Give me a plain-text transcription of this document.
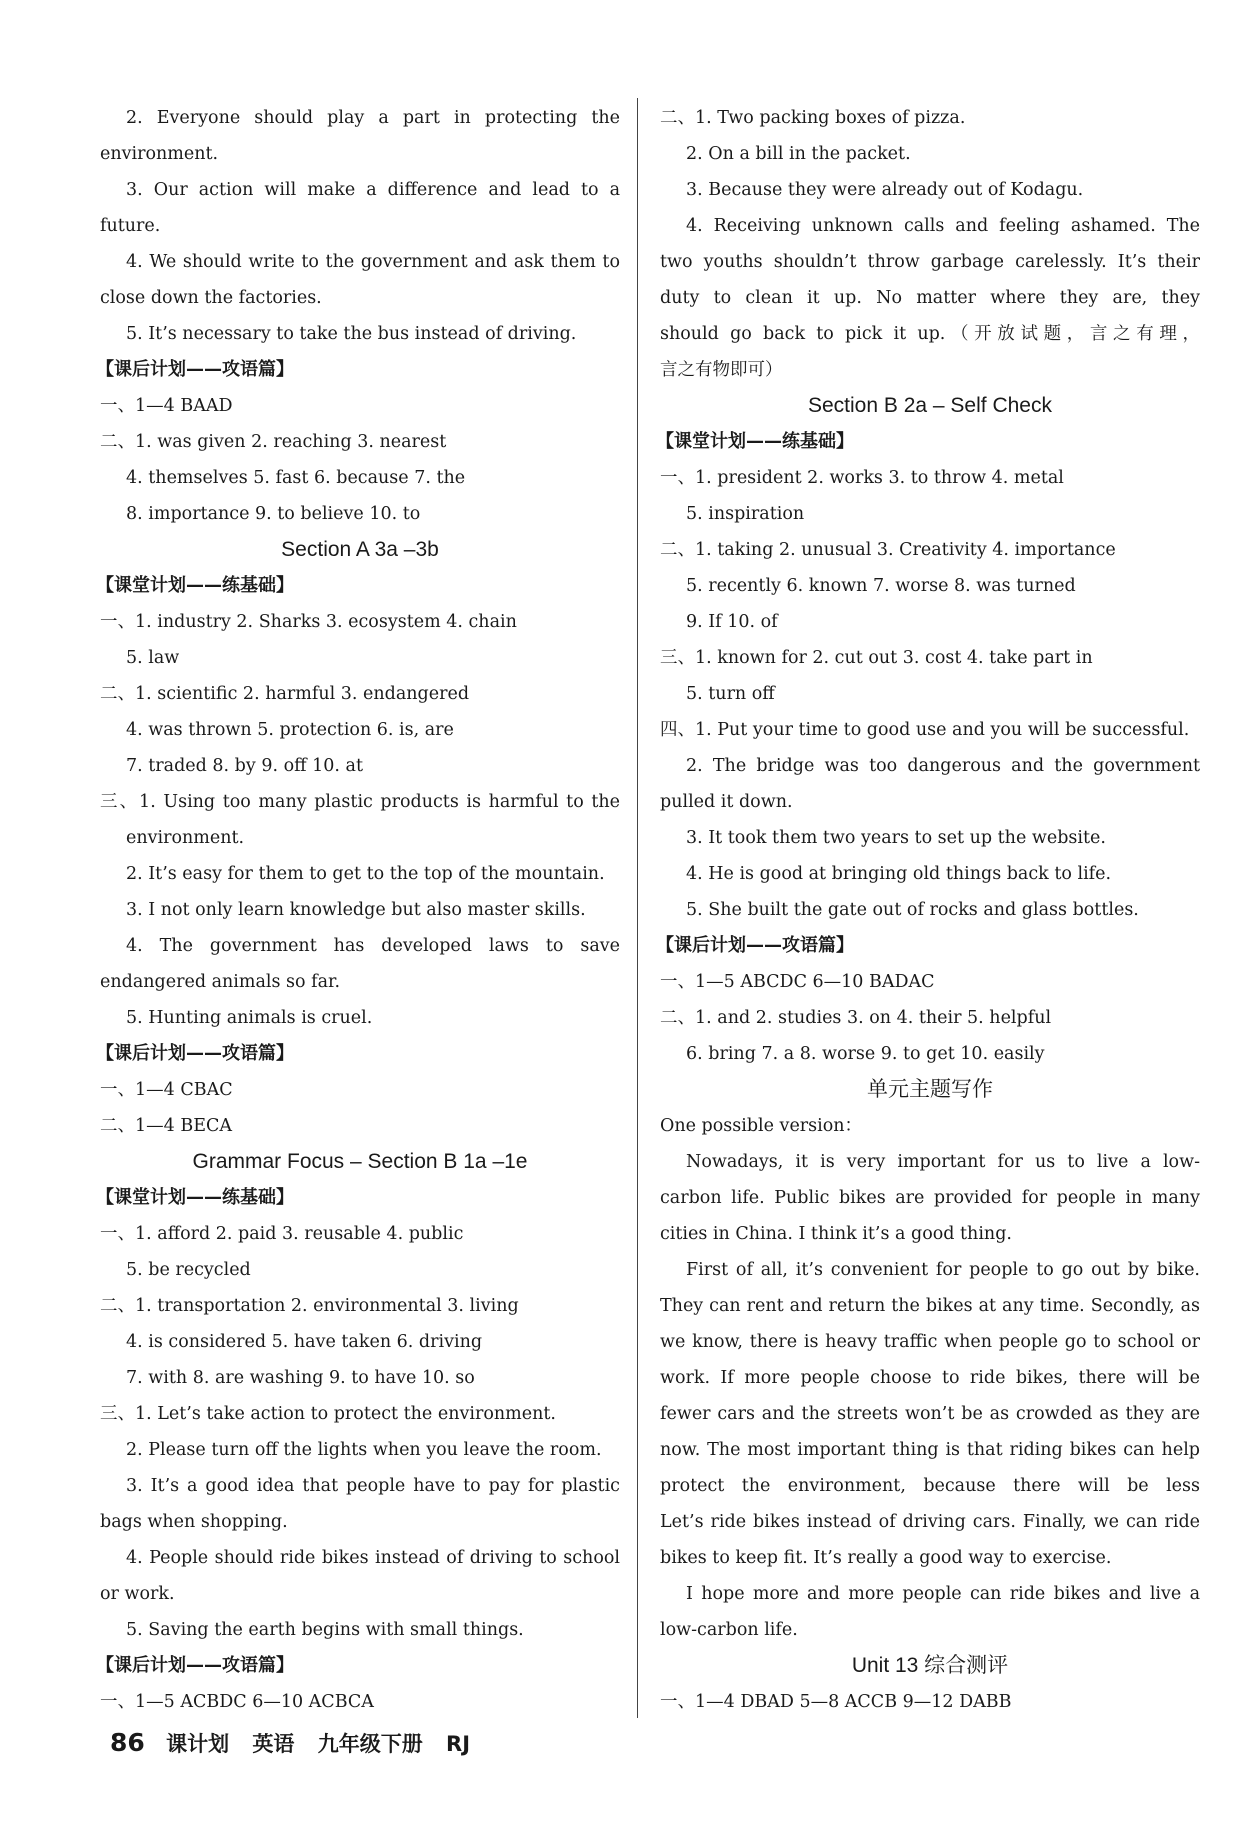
2. Everyone should play a part in protecting the
environment.
3. Our action will make a difference and lead to a
future.
4. We should write to the government and ask them to
close down the factories.
5. It’s necessary to take the bus instead of driving.
【课后计划——攻语篇】
一、1—4 BAAD
二、1. was given 2. reaching 3. nearest
4. themselves 5. fast 6. because 7. the
8. importance 9. to believe 10. to
Section A 3a –3b
【课堂计划——练基础】
一、1. industry 2. Sharks 3. ecosystem 4. chain
5. law
二、1. scientific 2. harmful 3. endangered
4. was thrown 5. protection 6. is, are
7. traded 8. by 9. off 10. at
三、1. Using too many plastic products is harmful to the
environment.
2. It’s easy for them to get to the top of the mountain.
3. I not only learn knowledge but also master skills.
4. The government has developed laws to save
endangered animals so far.
5. Hunting animals is cruel.
【课后计划——攻语篇】
一、1—4 CBAC
二、1—4 BECA
Grammar Focus – Section B 1a –1e
【课堂计划——练基础】
一、1. afford 2. paid 3. reusable 4. public
5. be recycled
二、1. transportation 2. environmental 3. living
4. is considered 5. have taken 6. driving
7. with 8. are washing 9. to have 10. so
三、1. Let’s take action to protect the environment.
2. Please turn off the lights when you leave the room.
3. It’s a good idea that people have to pay for plastic
bags when shopping.
4. People should ride bikes instead of driving to school
or work.
5. Saving the earth begins with small things.
【课后计划——攻语篇】
一、1—5 ACBDC 6—10 ACBCA
二、1. Two packing boxes of pizza.
2. On a bill in the packet.
3. Because they were already out of Kodagu.
4. Receiving unknown calls and feeling ashamed. The
two youths shouldn’t throw garbage carelessly. It’s their
duty to clean it up. No matter where they are, they
should go back to pick it up.（开放试题，言之有理，
言之有物即可）
Section B 2a – Self Check
【课堂计划——练基础】
一、1. president 2. works 3. to throw 4. metal
5. inspiration
二、1. taking 2. unusual 3. Creativity 4. importance
5. recently 6. known 7. worse 8. was turned
9. If 10. of
三、1. known for 2. cut out 3. cost 4. take part in
5. turn off
四、1. Put your time to good use and you will be successful.
2. The bridge was too dangerous and the government
pulled it down.
3. It took them two years to set up the website.
4. He is good at bringing old things back to life.
5. She built the gate out of rocks and glass bottles.
【课后计划——攻语篇】
一、1—5 ABCDC 6—10 BADAC
二、1. and 2. studies 3. on 4. their 5. helpful
6. bring 7. a 8. worse 9. to get 10. easily
单元主题写作
One possible version：
Nowadays, it is very important for us to live a low-
carbon life. Public bikes are provided for people in many
cities in China. I think it’s a good thing.
First of all, it’s convenient for people to go out by bike.
They can rent and return the bikes at any time. Secondly, as
we know, there is heavy traffic when people go to school or
work. If more people choose to ride bikes, there will be
fewer cars and the streets won’t be as crowded as they are
now. The most important thing is that riding bikes can help
protect the environment, because there will be less
Let’s ride bikes instead of driving cars. Finally, we can ride
bikes to keep fit. It’s really a good way to exercise.
I hope more and more people can ride bikes and live a
low-carbon life.
Unit 13 综合测评
一、1—4 DBAD 5—8 ACCB 9—12 DABB
86 课计划 英语 九年级下册 RJ
